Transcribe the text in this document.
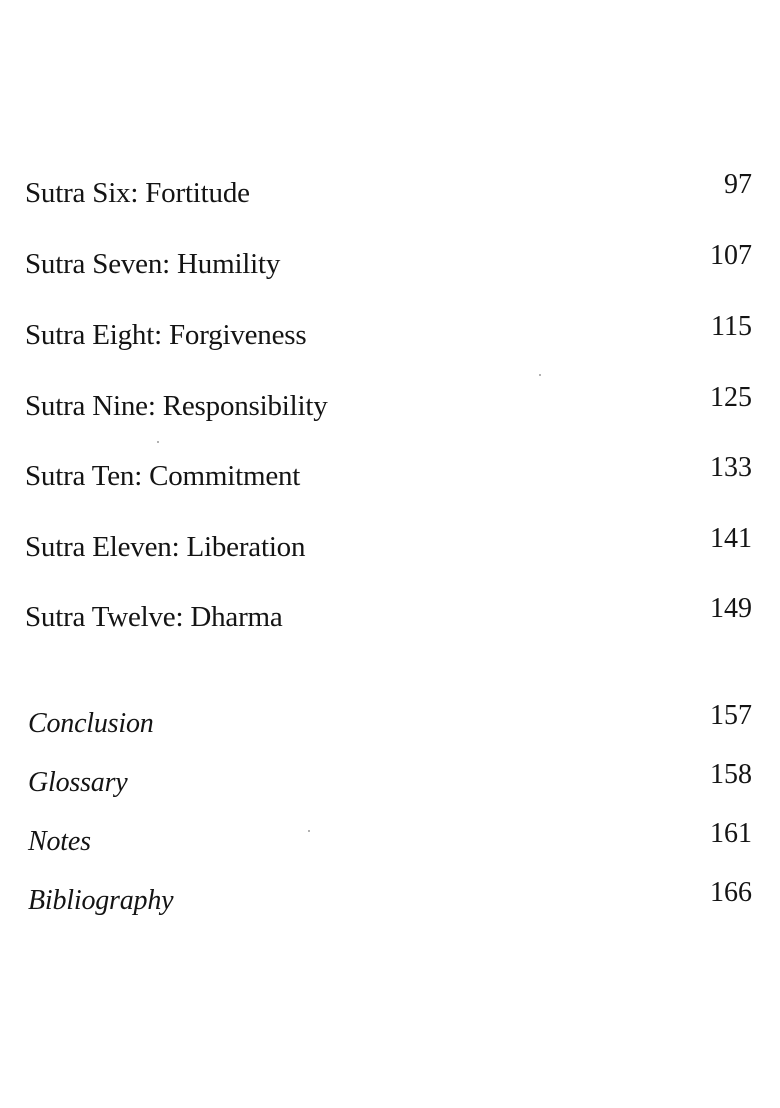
Sutra Six: Fortitude	97
Sutra Seven: Humility	107
Sutra Eight: Forgiveness	115
Sutra Nine: Responsibility	125
Sutra Ten: Commitment	133
Sutra Eleven: Liberation	141
Sutra Twelve: Dharma	149
Conclusion	157
Glossary	158
Notes	161
Bibliography	166
